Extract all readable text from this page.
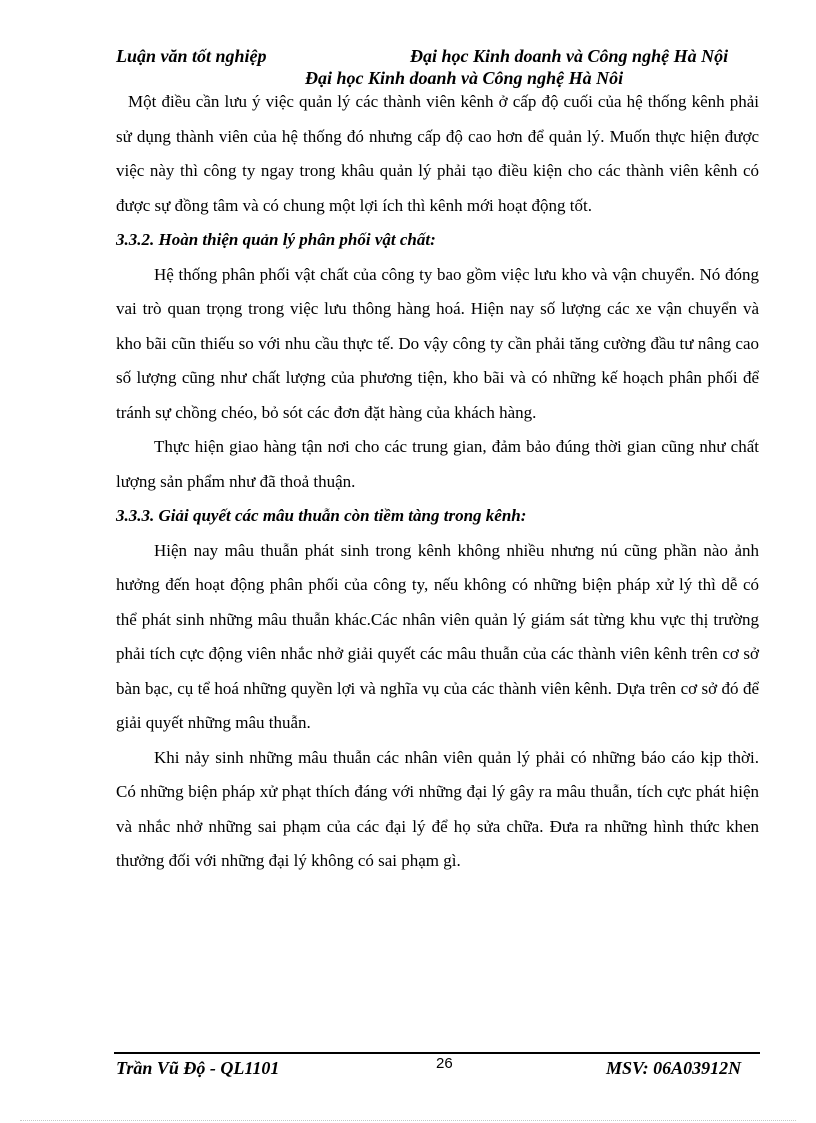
Luận văn tốt nghiệp	Đại học Kinh doanh và Công nghệ Hà Nội
Đại học Kinh doanh và Công nghệ Hà Nôi

Một điều cần lưu ý việc quản lý các thành viên kênh ở cấp độ cuối của hệ thống kênh phải sử dụng thành viên của hệ thống đó nhưng cấp độ cao hơn để quản lý. Muốn thực hiện được việc này thì công ty ngay trong khâu quản lý phải tạo điều kiện cho các thành viên kênh có được sự đồng tâm và có chung một lợi ích thì kênh mới hoạt động tốt.

3.3.2. Hoàn thiện quản lý phân phối vật chất:

Hệ thống phân phối vật chất của công ty bao gồm việc lưu kho và vận chuyển. Nó đóng vai trò quan trọng trong việc lưu thông hàng hoá. Hiện nay số lượng các xe vận chuyển và kho bãi cũn thiếu so với nhu cầu thực tế. Do vậy công ty cần phải tăng cường đầu tư nâng cao số lượng cũng như chất lượng của phương tiện, kho bãi và có những kế hoạch phân phối để tránh sự chồng chéo, bỏ sót các đơn đặt hàng của khách hàng.

Thực hiện giao hàng tận nơi cho các trung gian, đảm bảo đúng thời gian cũng như chất lượng sản phẩm như đã thoả thuận.

3.3.3. Giải quyết các mâu thuẫn còn tiềm tàng trong kênh:

Hiện nay mâu thuẫn phát sinh trong kênh không nhiều nhưng nú cũng phần nào ảnh hưởng đến hoạt động phân phối của công ty, nếu không có những biện pháp xử lý thì dễ có thể phát sinh những mâu thuẫn khác.Các nhân viên quản lý giám sát từng khu vực thị trường phải tích cực động viên nhắc nhở giải quyết các mâu thuẫn của các thành viên kênh trên cơ sở bàn bạc, cụ tể hoá những quyền lợi và nghĩa vụ của các thành viên kênh. Dựa trên cơ sở đó để giải quyết những mâu thuẫn.

Khi nảy sinh những mâu thuẫn các nhân viên quản lý phải có những báo cáo kịp thời. Có những biện pháp xử phạt thích đáng với những đại lý gây ra mâu thuẫn, tích cực phát hiện và nhắc nhở những sai phạm của các đại lý để họ sửa chữa. Đưa ra những hình thức khen thưởng đối với những đại lý không có sai phạm gì.

Trần Vũ Độ - QL1101	26	MSV: 06A03912N
